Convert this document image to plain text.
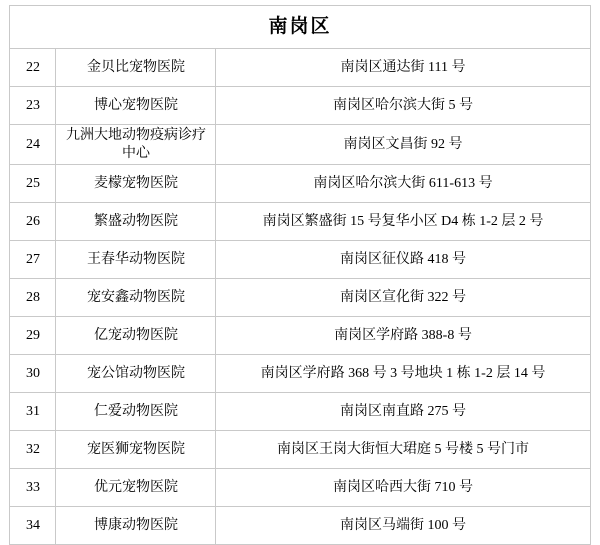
南岗区		
22	金贝比宠物医院	南岗区通达街 111 号
23	博心宠物医院	南岗区哈尔滨大街 5 号
24	九洲大地动物疫病诊疗中心	南岗区文昌街 92 号
25	麦檬宠物医院	南岗区哈尔滨大街 611-613 号
26	繁盛动物医院	南岗区繁盛街 15 号复华小区 D4 栋 1-2 层 2 号
27	王春华动物医院	南岗区征仪路 418 号
28	宠安鑫动物医院	南岗区宣化街 322 号
29	亿宠动物医院	南岗区学府路 388-8 号
30	宠公馆动物医院	南岗区学府路 368 号 3 号地块 1 栋 1-2 层 14 号
31	仁爱动物医院	南岗区南直路 275 号
32	宠医狮宠物医院	南岗区王岗大街恒大珺庭 5 号楼 5 号门市
33	优元宠物医院	南岗区哈西大街 710 号
34	博康动物医院	南岗区马端街 100 号
